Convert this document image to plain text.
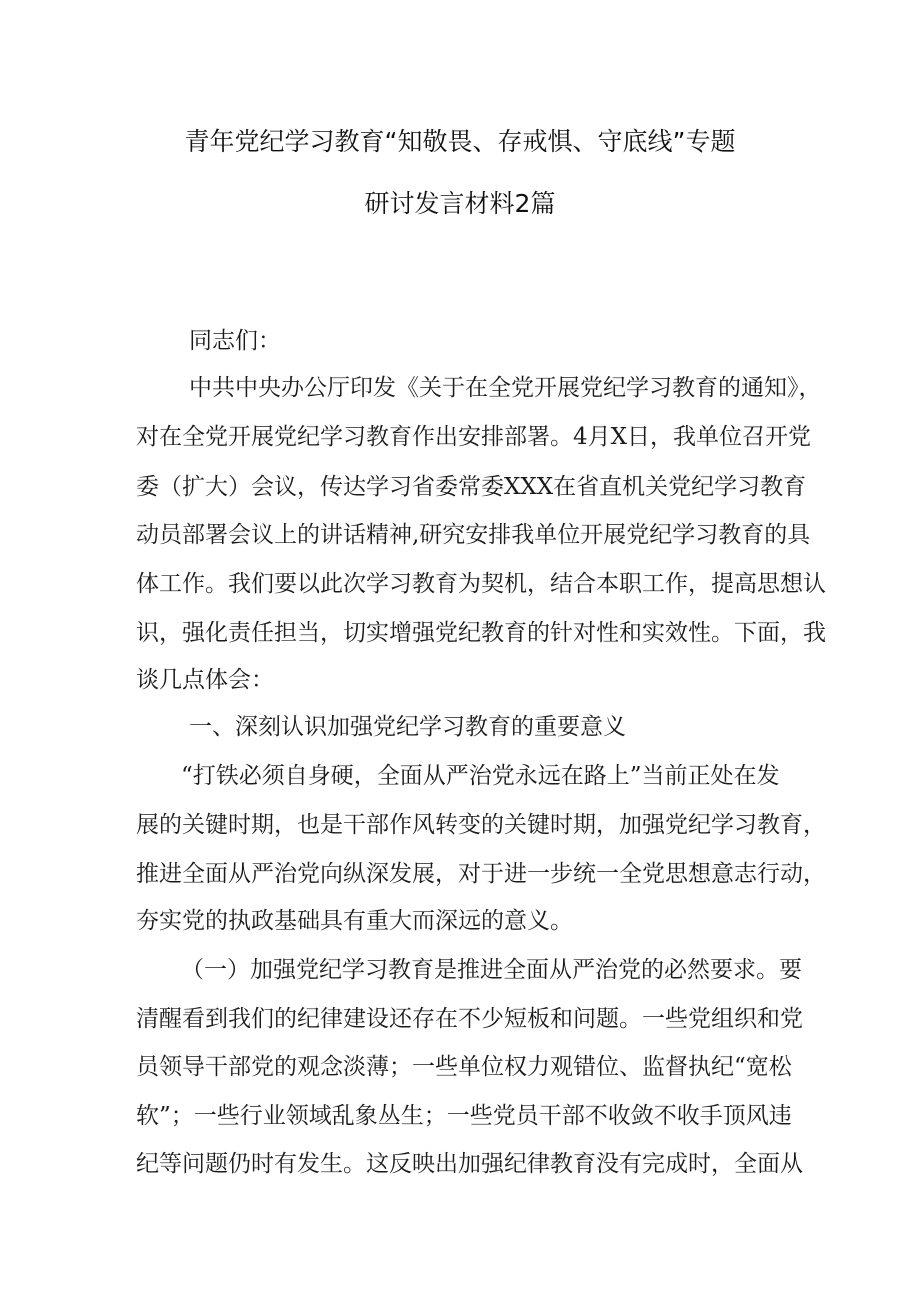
青年党纪学习教育“知敬畏、存戒惧、守底线”专题
研讨发言材料2篇
同志们：
中共中央办公厅印发《关于在全党开展党纪学习教育的通知》，
对在全党开展党纪学习教育作出安排部署。4月X日，我单位召开党
委（扩大）会议，传达学习省委常委XXX在省直机关党纪学习教育
动员部署会议上的讲话精神,研究安排我单位开展党纪学习教育的具
体工作。我们要以此次学习教育为契机，结合本职工作，提高思想认
识，强化责任担当，切实增强党纪教育的针对性和实效性。下面，我
谈几点体会：
一、深刻认识加强党纪学习教育的重要意义
“打铁必须自身硬，全面从严治党永远在路上”当前正处在发
展的关键时期，也是干部作风转变的关键时期，加强党纪学习教育，
推进全面从严治党向纵深发展，对于进一步统一全党思想意志行动，
夯实党的执政基础具有重大而深远的意义。
（一）加强党纪学习教育是推进全面从严治党的必然要求。要
清醒看到我们的纪律建设还存在不少短板和问题。一些党组织和党
员领导干部党的观念淡薄；一些单位权力观错位、监督执纪“宽松
软”；一些行业领域乱象丛生；一些党员干部不收敛不收手顶风违
纪等问题仍时有发生。这反映出加强纪律教育没有完成时，全面从
